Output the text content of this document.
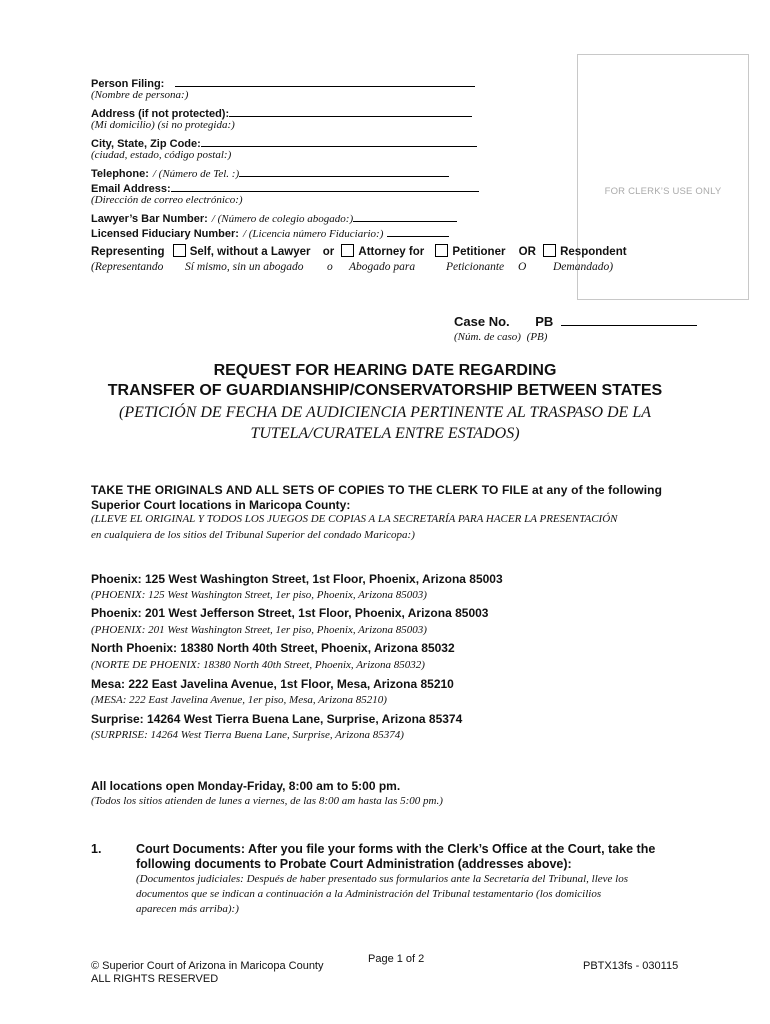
Person Filing:
(Nombre de persona:)
Address (if not protected):
(Mi domicilio) (si no protegida:)
City, State, Zip Code:
(ciudad, estado, código postal:)
Telephone: / (Número de Tel. :)
Email Address:
(Dirección de correo electrónico:)
Lawyer’s Bar Number: / (Número de colegio abogado:)
Licensed Fiduciary Number: / (Licencia número Fiduciario:)
FOR CLERK’S USE ONLY
Representing Self, without a Lawyer or Attorney for Petitioner OR Respondent
(Representando Sí mismo, sin un abogado o Abogado para	Peticionante O Demandado)
Case No. PB
(Núm. de caso) (PB)
REQUEST FOR HEARING DATE REGARDING
TRANSFER OF GUARDIANSHIP/CONSERVATORSHIP BETWEEN STATES
(PETICIÓN DE FECHA DE AUDICIENCIA PERTINENTE AL TRASPASO DE LA
TUTELA/CURATELA ENTRE ESTADOS)
TAKE THE ORIGINALS AND ALL SETS OF COPIES TO THE CLERK TO FILE at any of the following
Superior Court locations in Maricopa County:
(LLEVE EL ORIGINAL Y TODOS LOS JUEGOS DE COPIAS A LA SECRETARÍA PARA HACER LA PRESENTACIÓN
en cualquiera de los sitios del Tribunal Superior del condado Maricopa:)
Phoenix: 125 West Washington Street, 1st Floor, Phoenix, Arizona 85003
(PHOENIX: 125 West Washington Street, 1er piso, Phoenix, Arizona 85003)
Phoenix: 201 West Jefferson Street, 1st Floor, Phoenix, Arizona 85003
(PHOENIX: 201 West Washington Street, 1er piso, Phoenix, Arizona 85003)
North Phoenix: 18380 North 40th Street, Phoenix, Arizona 85032
(NORTE DE PHOENIX: 18380 North 40th Street, Phoenix, Arizona 85032)
Mesa: 222 East Javelina Avenue, 1st Floor, Mesa, Arizona 85210
(MESA: 222 East Javelina Avenue, 1er piso, Mesa, Arizona 85210)
Surprise: 14264 West Tierra Buena Lane, Surprise, Arizona 85374
(SURPRISE: 14264 West Tierra Buena Lane, Surprise, Arizona 85374)
All locations open Monday-Friday, 8:00 am to 5:00 pm.
(Todos los sitios atienden de lunes a viernes, de las 8:00 am hasta las 5:00 pm.)
1.	Court Documents: After you file your forms with the Clerk’s Office at the Court, take the
following documents to Probate Court Administration (addresses above):
(Documentos judiciales: Después de haber presentado sus formularios ante la Secretaría del Tribunal, lleve los
documentos que se indican a continuación a la Administración del Tribunal testamentario (los domicilios
aparecen más arriba):)
© Superior Court of Arizona in Maricopa County
ALL RIGHTS RESERVED
Page 1 of 2
PBTX13fs - 030115
